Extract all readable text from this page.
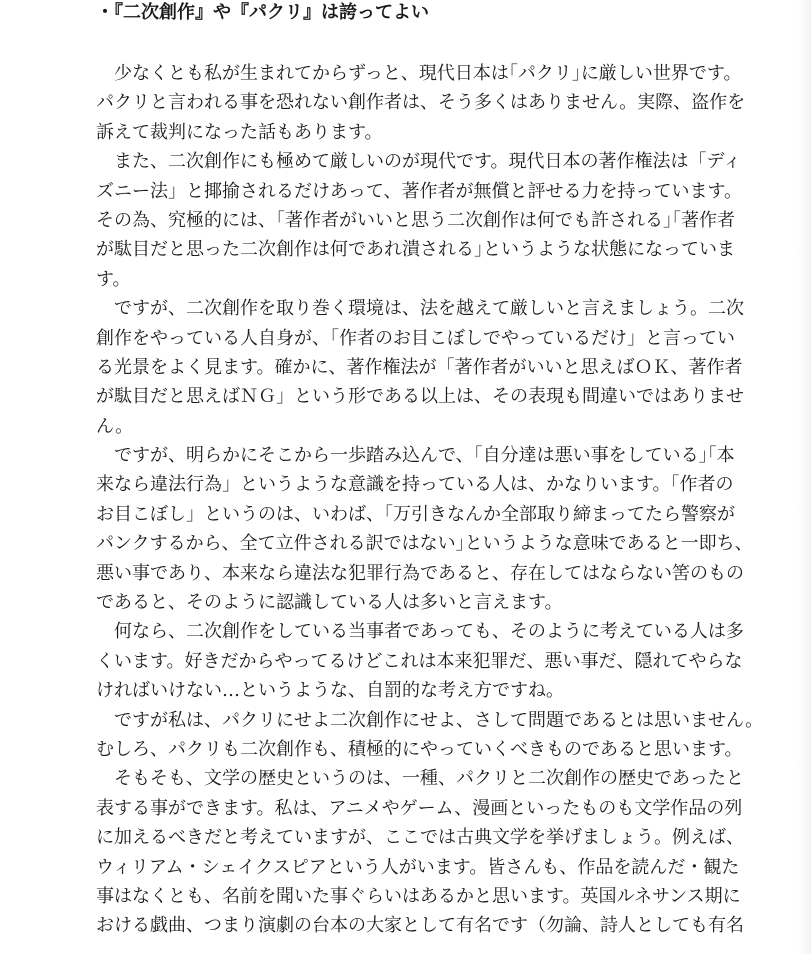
・『二次創作』や『パクリ』は誇ってよい
　少なくとも私が生まれてからずっと、現代日本は｢パクリ｣に厳しい世界です。
パクリと言われる事を恐れない創作者は、そう多くはありません。実際、盗作を
訴えて裁判になった話もあります。
　また、二次創作にも極めて厳しいのが現代です。現代日本の著作権法は「ディ
ズニー法」と揶揄されるだけあって、著作者が無償と評せる力を持っています。
その為、究極的には、｢著作者がいいと思う二次創作は何でも許される｣｢著作者
が駄目だと思った二次創作は何であれ潰される｣というような状態になっていま
す。
　ですが、二次創作を取り巻く環境は、法を越えて厳しいと言えましょう。二次
創作をやっている人自身が、｢作者のお目こぼしでやっているだけ」と言ってい
る光景をよく見ます。確かに、著作権法が「著作者がいいと思えばＯＫ、著作者
が駄目だと思えばＮＧ」という形である以上は、その表現も間違いではありませ
ん。
　ですが、明らかにそこから一歩踏み込んで、｢自分達は悪い事をしている｣｢本
来なら違法行為」というような意識を持っている人は、かなりいます。｢作者の
お目こぼし」というのは、いわば、｢万引きなんか全部取り締まってたら警察が
パンクするから、全て立件される訳ではない｣というような意味であると一即ち、
悪い事であり、本来なら違法な犯罪行為であると、存在してはならない筈のもの
であると、そのように認識している人は多いと言えます。
　何なら、二次創作をしている当事者であっても、そのように考えている人は多
くいます。好きだからやってるけどこれは本来犯罪だ、悪い事だ、隠れてやらな
ければいけない…というような、自罰的な考え方ですね。
　ですが私は、パクリにせよ二次創作にせよ、さして問題であるとは思いません。
むしろ、パクリも二次創作も、積極的にやっていくべきものであると思います。
　そもそも、文学の歴史というのは、一種、パクリと二次創作の歴史であったと
表する事ができます。私は、アニメやゲーム、漫画といったものも文学作品の列
に加えるべきだと考えていますが、ここでは古典文学を挙げましょう。例えば、
ウィリアム・シェイクスピアという人がいます。皆さんも、作品を読んだ・観た
事はなくとも、名前を聞いた事ぐらいはあるかと思います。英国ルネサンス期に
おける戯曲、つまり演劇の台本の大家として有名です（勿論、詩人としても有名
